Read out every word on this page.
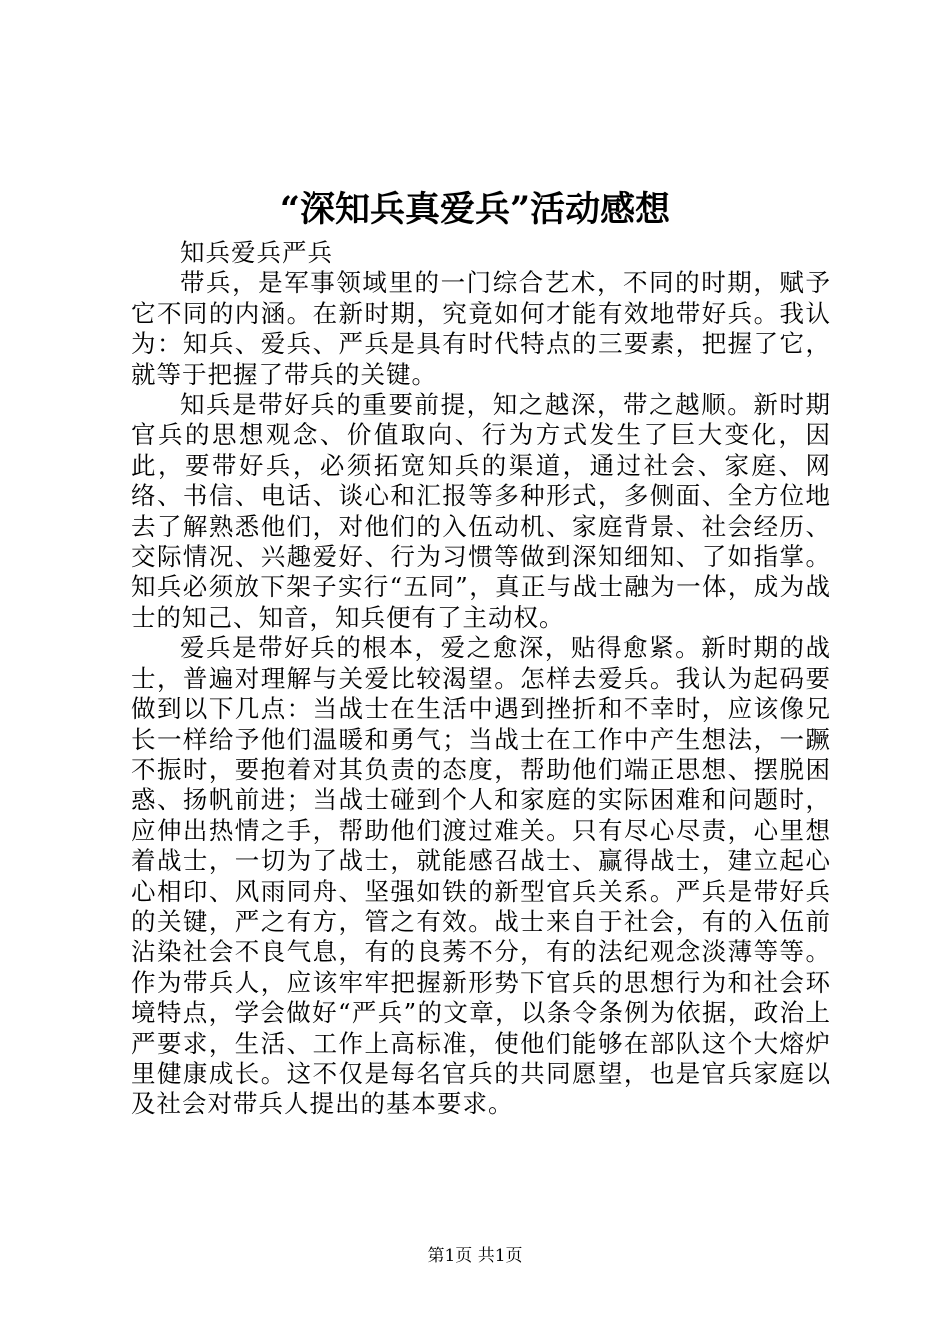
“深知兵真爱兵”活动感想

知兵爱兵严兵

带兵，是军事领域里的一门综合艺术，不同的时期，赋予它不同的内涵。在新时期，究竟如何才能有效地带好兵。我认为：知兵、爱兵、严兵是具有时代特点的三要素，把握了它，就等于把握了带兵的关键。

知兵是带好兵的重要前提，知之越深，带之越顺。新时期官兵的思想观念、价值取向、行为方式发生了巨大变化，因此，要带好兵，必须拓宽知兵的渠道，通过社会、家庭、网络、书信、电话、谈心和汇报等多种形式，多侧面、全方位地去了解熟悉他们，对他们的入伍动机、家庭背景、社会经历、交际情况、兴趣爱好、行为习惯等做到深知细知、了如指掌。知兵必须放下架子实行“五同”，真正与战士融为一体，成为战士的知己、知音，知兵便有了主动权。

爱兵是带好兵的根本，爱之愈深，贴得愈紧。新时期的战士，普遍对理解与关爱比较渴望。怎样去爱兵。我认为起码要做到以下几点：当战士在生活中遇到挫折和不幸时，应该像兄长一样给予他们温暖和勇气；当战士在工作中产生想法，一蹶不振时，要抱着对其负责的态度，帮助他们端正思想、摆脱困惑、扬帆前进；当战士碰到个人和家庭的实际困难和问题时，应伸出热情之手，帮助他们渡过难关。只有尽心尽责，心里想着战士，一切为了战士，就能感召战士、赢得战士，建立起心心相印、风雨同舟、坚强如铁的新型官兵关系。严兵是带好兵的关键，严之有方，管之有效。战士来自于社会，有的入伍前沾染社会不良气息，有的良莠不分，有的法纪观念淡薄等等。作为带兵人，应该牢牢把握新形势下官兵的思想行为和社会环境特点，学会做好“严兵”的文章，以条令条例为依据，政治上严要求，生活、工作上高标准，使他们能够在部队这个大熔炉里健康成长。这不仅是每名官兵的共同愿望，也是官兵家庭以及社会对带兵人提出的基本要求。

第1页 共1页
